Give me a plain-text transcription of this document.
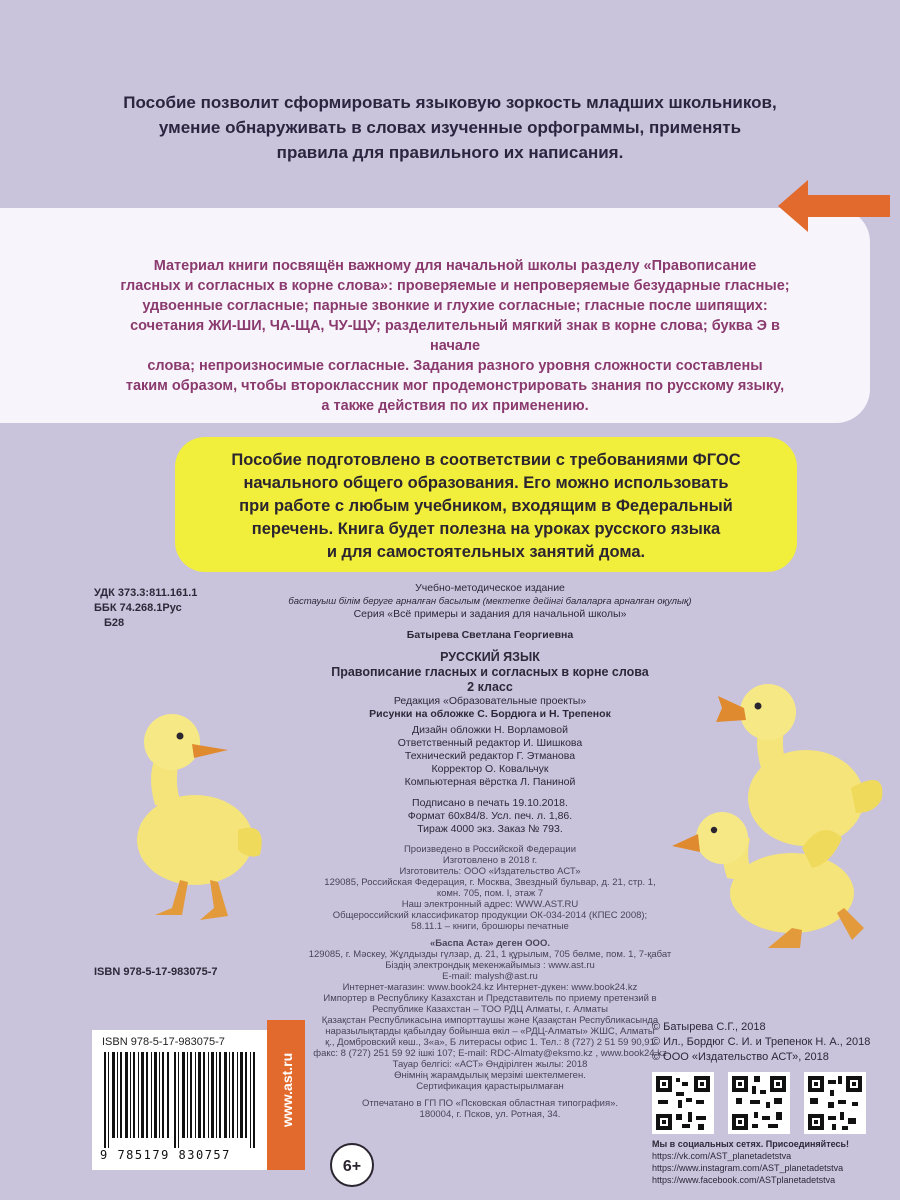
Пособие позволит сформировать языковую зоркость младших школьников,
умение обнаруживать в словах изученные орфограммы, применять
правила для правильного их написания.
Материал книги посвящён важному для начальной школы разделу «Правописание
гласных и согласных в корне слова»: проверяемые и непроверяемые безударные гласные;
удвоенные согласные; парные звонкие и глухие согласные; гласные после шипящих:
сочетания ЖИ-ШИ, ЧА-ЩА, ЧУ-ЩУ; разделительный мягкий знак в корне слова; буква Э в начале
слова; непроизносимые согласные. Задания разного уровня сложности составлены
таким образом, чтобы второклассник мог продемонстрировать знания по русскому языку,
а также действия по их применению.
Пособие подготовлено в соответствии с требованиями ФГОС
начального общего образования. Его можно использовать
при работе с любым учебником, входящим в Федеральный
перечень. Книга будет полезна на уроках русского языка
и для самостоятельных занятий дома.
УДК 373.3:811.161.1
ББК 74.268.1Рус
Б28
Учебно-методическое издание
бастауыш білім беруге арналған басылым (мектепке дейінгі балаларға арналған оқулық)
Серия «Всё примеры и задания для начальной школы»
Батырева Светлана Георгиевна
РУССКИЙ ЯЗЫК
Правописание гласных и согласных в корне слова
2 класс
Редакция «Образовательные проекты»
Рисунки на обложке С. Бордюга и Н. Трепенок
Дизайн обложки Н. Ворламовой
Ответственный редактор И. Шишкова
Технический редактор Г. Этманова
Корректор О. Ковальчук
Компьютерная вёрстка Л. Паниной
Подписано в печать 19.10.2018.
Формат 60x84/8. Усл. печ. л. 1,86.
Тираж 4000 экз. Заказ № 793.
Произведено в Российской Федерации
Изготовлено в 2018 г.
Изготовитель: ООО «Издательство АСТ»
129085, Российская Федерация, г. Москва, Звездный бульвар, д. 21, стр. 1,
комн. 705, пом. I, этаж 7
Наш электронный адрес: WWW.AST.RU
Общероссийский классификатор продукции ОК-034-2014 (КПЕС 2008);
58.11.1 – книги, брошюры печатные
«Баспа Аста» деген ООО.
129085, г. Мәскеу, Жұлдызды гүлзар, д. 21, 1 құрылым, 705 бөлме, пом. 1, 7-қабат
Біздің электрондық мекенжайымыз : www.ast.ru
E-mail: malysh@ast.ru
Интернет-магазин: www.book24.kz Интернет-дүкен: www.book24.kz
Импортер в Республику Казахстан и Представитель по приему претензий в
Республике Казахстан – ТОО РДЦ Алматы, г. Алматы
Қазақстан Республикасына импорттаушы және Қазақстан Республикасында
наразылықтарды қабылдау бойынша өкіл – «РДЦ-Алматы» ЖШС, Алматы
қ., Домбровский көш., 3«а», Б литерасы офис 1. Тел.: 8 (727) 2 51 59 90,91
факс: 8 (727) 251 59 92 ішкі 107; E-mail: RDC-Almaty@eksmo.kz , www.book24.kz
Тауар белгісі: «АСТ» Өндірілген жылы: 2018
Өнімнің жарамдылық мерзімі шектелмеген.
Сертификация қарастырылмаған
Отпечатано в ГП ПО «Псковская областная типография».
180004, г. Псков, ул. Ротная, 34.
ISBN 978-5-17-983075-7
ISBN 978-5-17-983075-7
9 785179 830757
www.ast.ru
6+
© Батырева С.Г., 2018
© Ил., Бордюг С. И. и Трепенок Н. А., 2018
© ООО «Издательство АСТ», 2018
Мы в социальных сетях. Присоединяйтесь!
https://vk.com/AST_planetadetstva
https://www.instagram.com/AST_planetadetstva
https://www.facebook.com/ASTplanetadetstva
